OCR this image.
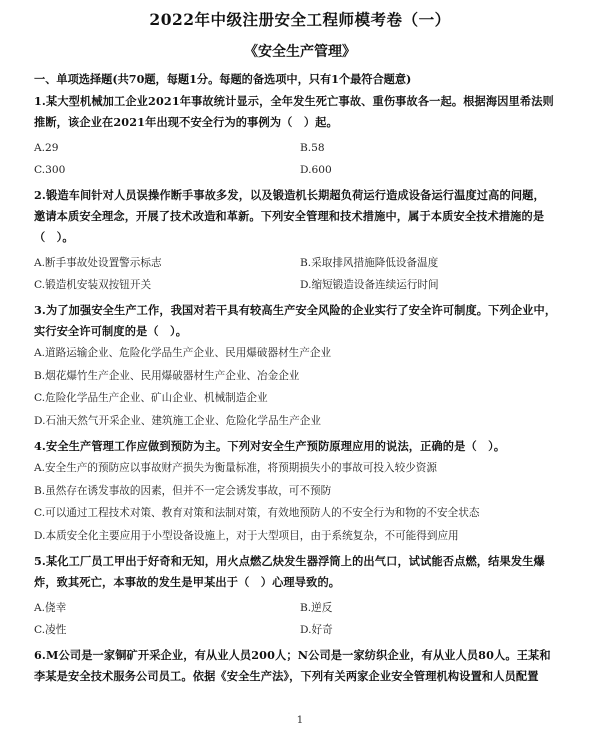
2022年中级注册安全工程师模考卷（一）
《安全生产管理》
一、单项选择题(共70题，每题1分。每题的备选项中，只有1个最符合题意)
1.某大型机械加工企业2021年事故统计显示，全年发生死亡事故、重伤事故各一起。根据海因里希法则
推断，该企业在2021年出现不安全行为的事例为（　）起。
A.29	B.58
C.300	D.600
2.锻造车间针对人员误操作断手事故多发，以及锻造机长期超负荷运行造成设备运行温度过高的问题，
邀请本质安全理念，开展了技术改造和革新。下列安全管理和技术措施中，属于本质安全技术措施的是
（　）。
A.断手事故处设置警示标志	B.采取排风措施降低设备温度
C.锻造机安装双按钮开关	D.缩短锻造设备连续运行时间
3.为了加强安全生产工作，我国对若干具有较高生产安全风险的企业实行了安全许可制度。下列企业中，
实行安全许可制度的是（　）。
A.道路运输企业、危险化学品生产企业、民用爆破器材生产企业
B.烟花爆竹生产企业、民用爆破器材生产企业、冶金企业
C.危险化学品生产企业、矿山企业、机械制造企业
D.石油天然气开采企业、建筑施工企业、危险化学品生产企业
4.安全生产管理工作应做到预防为主。下列对安全生产预防原理应用的说法，正确的是（　）。
A.安全生产的预防应以事故财产损失为衡量标准，将预期损失小的事故可投入较少资源
B.虽然存在诱发事故的因素，但并不一定会诱发事故，可不预防
C.可以通过工程技术对策、教育对策和法制对策，有效地预防人的不安全行为和物的不安全状态
D.本质安全化主要应用于小型设备设施上，对于大型项目，由于系统复杂，不可能得到应用
5.某化工厂员工甲出于好奇和无知，用火点燃乙炔发生器浮筒上的出气口，试试能否点燃，结果发生爆
炸，致其死亡，本事故的发生是甲某出于（　）心理导致的。
A.侥幸	B.逆反
C.凌性	D.好奇
6.M公司是一家铜矿开采企业，有从业人员200人；N公司是一家纺织企业，有从业人员80人。王某和
李某是安全技术服务公司员工。依据《安全生产法》，下列有关两家企业安全管理机构设置和人员配置
1
